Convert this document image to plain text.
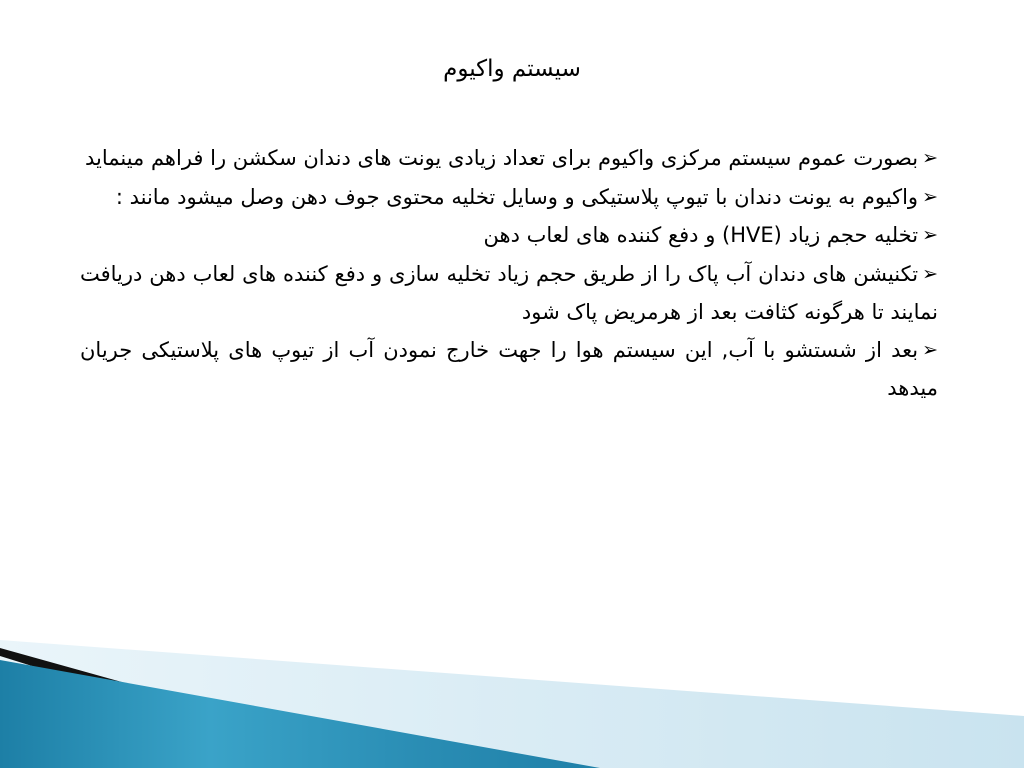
سیستم واکیوم

➢بصورت عموم سیستم مرکزی واکیوم برای تعداد زیادی یونت های دندان سکشن را فراهم مینماید

➢واکیوم به یونت دندان با تیوپ پلاستیکی و وسایل تخلیه محتوی جوف دهن وصل میشود مانند :

➢تخلیه حجم زیاد (HVE) و دفع کننده های لعاب دهن

➢تکنیشن های دندان آب پاک را از طریق حجم زیاد تخلیه سازی و دفع کننده های لعاب دهن دریافت نمایند تا هرگونه کثافت بعد از هرمریض پاک شود

➢بعد از شستشو با آب, این سیستم هوا را جهت خارج نمودن آب از تیوپ های پلاستیکی جریان میدهد
